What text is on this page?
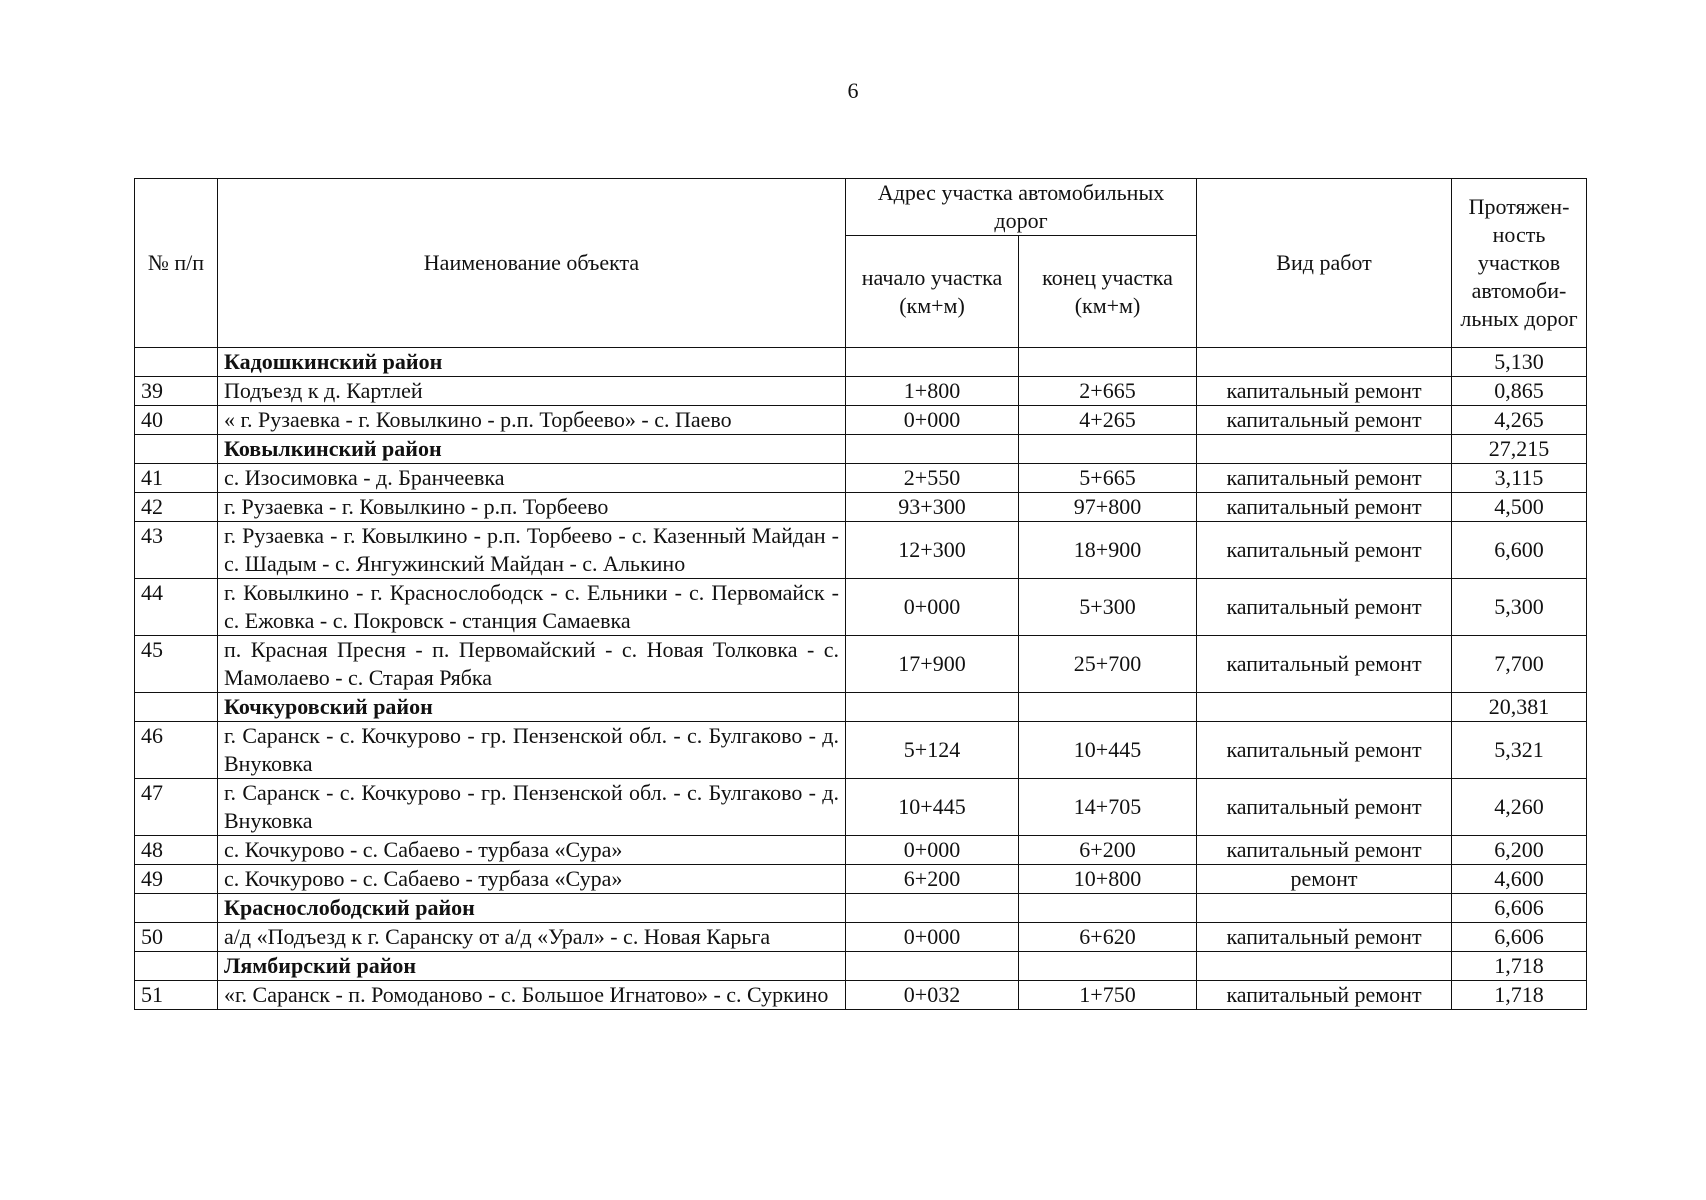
6
№ п/п	Наименование объекта	Адрес участка автомобильных дорог		Вид работ	Протяжен-ность участков автомоби-льных дорог
		начало участка (км+м)	конец участка (км+м)		
	Кадошкинский район				5,130
39	Подъезд к д. Картлей	1+800	2+665	капитальный ремонт	0,865
40	« г. Рузаевка - г. Ковылкино - р.п. Торбеево» - с. Паево	0+000	4+265	капитальный ремонт	4,265
	Ковылкинский район				27,215
41	с. Изосимовка - д. Бранчеевка	2+550	5+665	капитальный ремонт	3,115
42	г. Рузаевка - г. Ковылкино - р.п. Торбеево	93+300	97+800	капитальный ремонт	4,500
43	г. Рузаевка - г. Ковылкино - р.п. Торбеево - с. Казенный Майдан - с. Шадым - с. Янгужинский Майдан - с. Алькино	12+300	18+900	капитальный ремонт	6,600
44	г. Ковылкино - г. Краснослободск - с. Ельники - с. Первомайск - с. Ежовка - с. Покровск - станция Самаевка	0+000	5+300	капитальный ремонт	5,300
45	п. Красная Пресня - п. Первомайский - с. Новая Толковка - с. Мамолаево - с. Старая Рябка	17+900	25+700	капитальный ремонт	7,700
	Кочкуровский район				20,381
46	г. Саранск - с. Кочкурово - гр. Пензенской обл. - с. Булгаково - д. Внуковка	5+124	10+445	капитальный ремонт	5,321
47	г. Саранск - с. Кочкурово - гр. Пензенской обл. - с. Булгаково - д. Внуковка	10+445	14+705	капитальный ремонт	4,260
48	с. Кочкурово - с. Сабаево - турбаза «Сура»	0+000	6+200	капитальный ремонт	6,200
49	с. Кочкурово - с. Сабаево - турбаза «Сура»	6+200	10+800	ремонт	4,600
	Краснослободский район				6,606
50	а/д «Подъезд к г. Саранску от а/д «Урал» - с. Новая Карьга	0+000	6+620	капитальный ремонт	6,606
	Лямбирский район				1,718
51	«г. Саранск - п. Ромоданово - с. Большое Игнатово» - с. Суркино	0+032	1+750	капитальный ремонт	1,718
